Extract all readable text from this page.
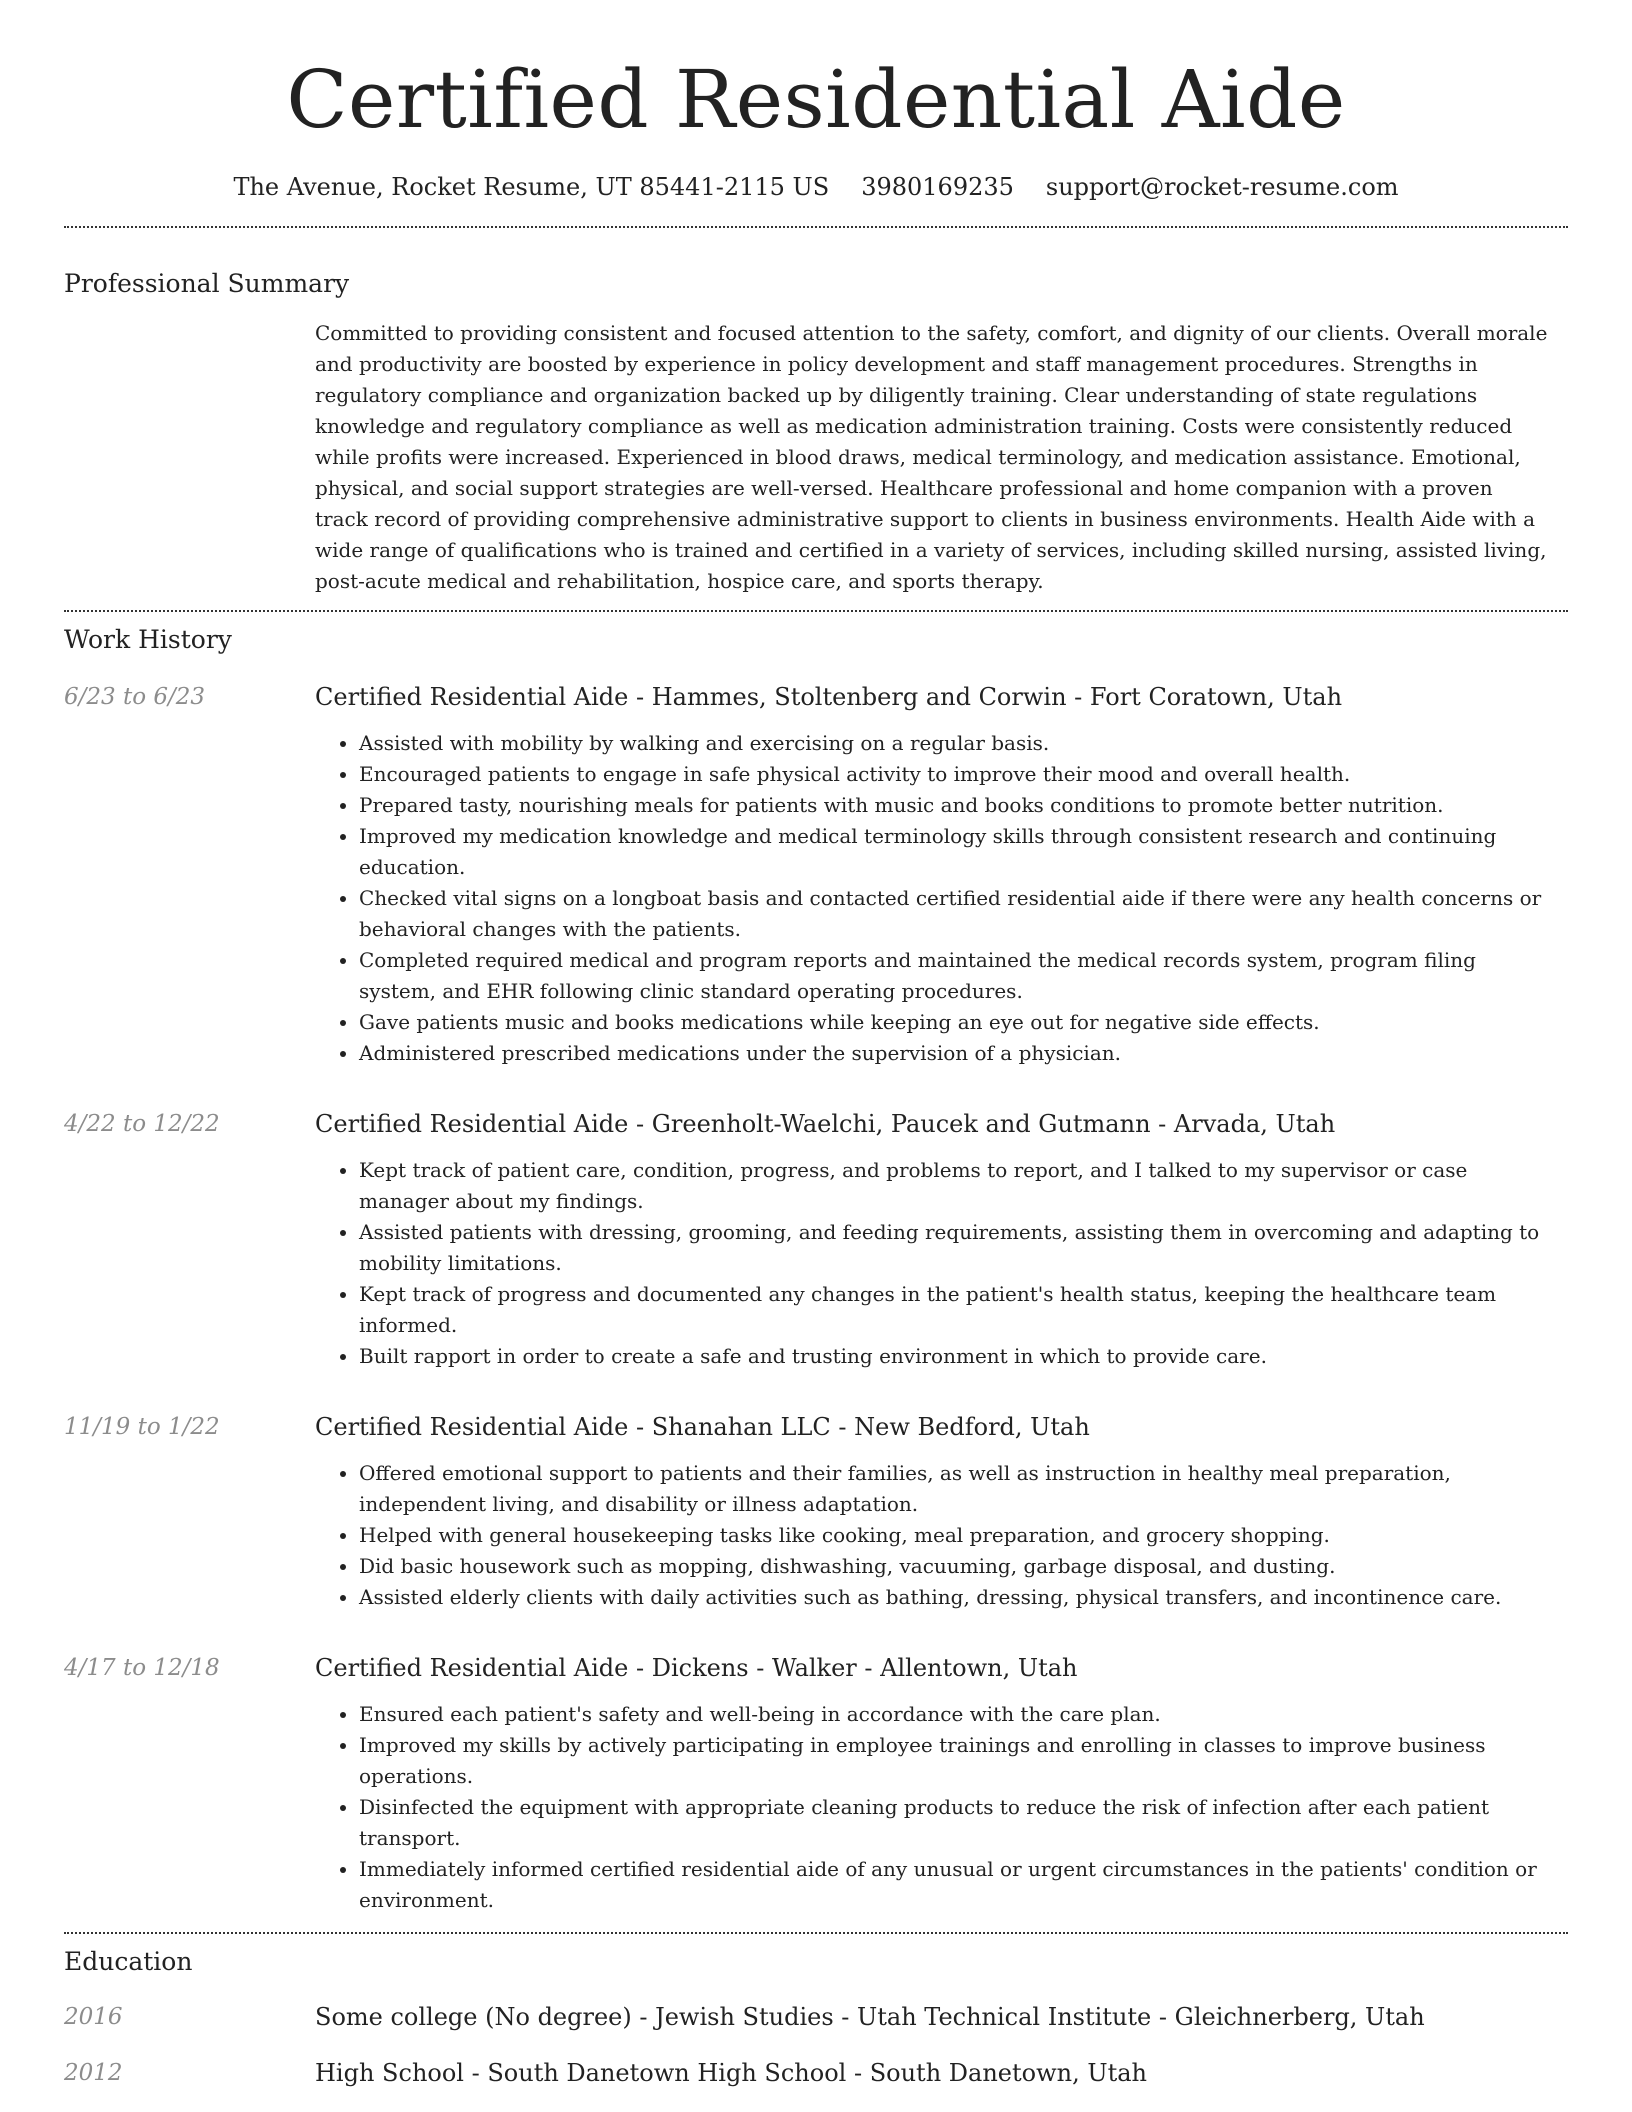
Certified Residential Aide
The Avenue, Rocket Resume, UT 85441-2115 US 3980169235 support@rocket-resume.com
Professional Summary

Committed to providing consistent and focused attention to the safety, comfort, and dignity of our clients. Overall morale and productivity are boosted by experience in policy development and staff management procedures. Strengths in regulatory compliance and organization backed up by diligently training. Clear understanding of state regulations knowledge and regulatory compliance as well as medication administration training. Costs were consistently reduced while profits were increased. Experienced in blood draws, medical terminology, and medication assistance. Emotional, physical, and social support strategies are well-versed. Healthcare professional and home companion with a proven track record of providing comprehensive administrative support to clients in business environments. Health Aide with a wide range of qualifications who is trained and certified in a variety of services, including skilled nursing, assisted living, post-acute medical and rehabilitation, hospice care, and sports therapy.

Work History
6/23 to 6/23	Certified Residential Aide - Hammes, Stoltenberg and Corwin - Fort Coratown, Utah
• Assisted with mobility by walking and exercising on a regular basis.
• Encouraged patients to engage in safe physical activity to improve their mood and overall health.
• Prepared tasty, nourishing meals for patients with music and books conditions to promote better nutrition.
• Improved my medication knowledge and medical terminology skills through consistent research and continuing education.
• Checked vital signs on a longboat basis and contacted certified residential aide if there were any health concerns or behavioral changes with the patients.
• Completed required medical and program reports and maintained the medical records system, program filing system, and EHR following clinic standard operating procedures.
• Gave patients music and books medications while keeping an eye out for negative side effects.
• Administered prescribed medications under the supervision of a physician.
4/22 to 12/22	Certified Residential Aide - Greenholt-Waelchi, Paucek and Gutmann - Arvada, Utah
• Kept track of patient care, condition, progress, and problems to report, and I talked to my supervisor or case manager about my findings.
• Assisted patients with dressing, grooming, and feeding requirements, assisting them in overcoming and adapting to mobility limitations.
• Kept track of progress and documented any changes in the patient's health status, keeping the healthcare team informed.
• Built rapport in order to create a safe and trusting environment in which to provide care.
11/19 to 1/22	Certified Residential Aide - Shanahan LLC - New Bedford, Utah
• Offered emotional support to patients and their families, as well as instruction in healthy meal preparation, independent living, and disability or illness adaptation.
• Helped with general housekeeping tasks like cooking, meal preparation, and grocery shopping.
• Did basic housework such as mopping, dishwashing, vacuuming, garbage disposal, and dusting.
• Assisted elderly clients with daily activities such as bathing, dressing, physical transfers, and incontinence care.
4/17 to 12/18	Certified Residential Aide - Dickens - Walker - Allentown, Utah
• Ensured each patient's safety and well-being in accordance with the care plan.
• Improved my skills by actively participating in employee trainings and enrolling in classes to improve business operations.
• Disinfected the equipment with appropriate cleaning products to reduce the risk of infection after each patient transport.
• Immediately informed certified residential aide of any unusual or urgent circumstances in the patients' condition or environment.
Education
2016	Some college (No degree) - Jewish Studies - Utah Technical Institute - Gleichnerberg, Utah
2012	High School - South Danetown High School - South Danetown, Utah
